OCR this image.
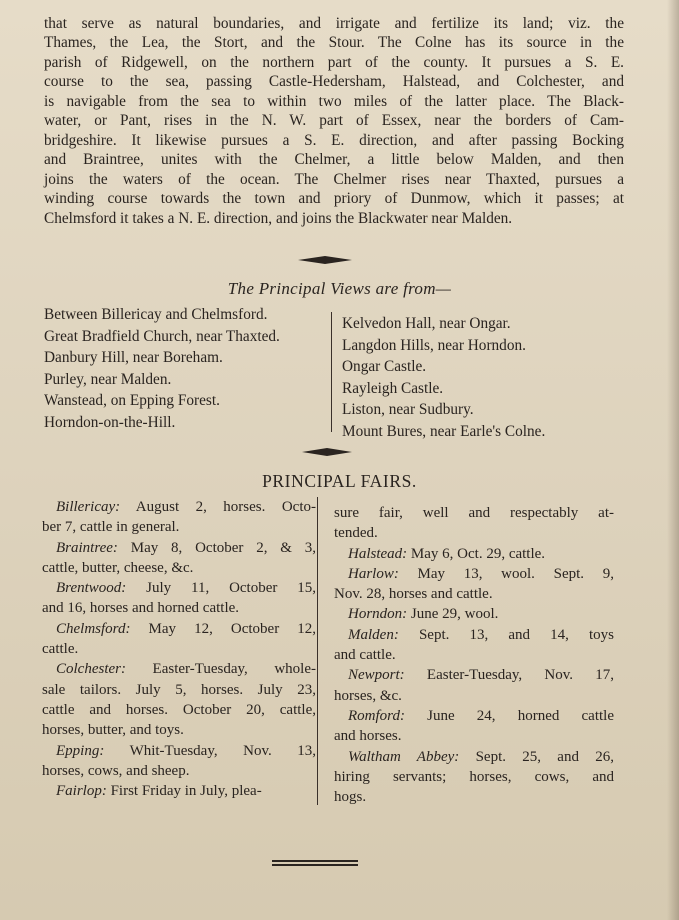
that serve as natural boundaries, and irrigate and fertilize its land; viz. the
Thames, the Lea, the Stort, and the Stour. The Colne has its source in the
parish of Ridgewell, on the northern part of the county. It pursues a S. E.
course to the sea, passing Castle-Hedersham, Halstead, and Colchester, and
is navigable from the sea to within two miles of the latter place. The Black-
water, or Pant, rises in the N. W. part of Essex, near the borders of Cam-
bridgeshire. It likewise pursues a S. E. direction, and after passing Bocking
and Braintree, unites with the Chelmer, a little below Malden, and then
joins the waters of the ocean. The Chelmer rises near Thaxted, pursues a
winding course towards the town and priory of Dunmow, which it passes; at
Chelmsford it takes a N. E. direction, and joins the Blackwater near Malden.
The Principal Views are from—
Between Billericay and Chelmsford.
Great Bradfield Church, near Thaxted.
Danbury Hill, near Boreham.
Purley, near Malden.
Wanstead, on Epping Forest.
Horndon-on-the-Hill.
Kelvedon Hall, near Ongar.
Langdon Hills, near Horndon.
Ongar Castle.
Rayleigh Castle.
Liston, near Sudbury.
Mount Bures, near Earle's Colne.
PRINCIPAL FAIRS.
Billericay: August 2, horses. Octo-
ber 7, cattle in general.
Braintree: May 8, October 2, & 3,
cattle, butter, cheese, &c.
Brentwood: July 11, October 15,
and 16, horses and horned cattle.
Chelmsford: May 12, October 12,
cattle.
Colchester: Easter-Tuesday, whole-
sale tailors. July 5, horses. July 23,
cattle and horses. October 20, cattle,
horses, butter, and toys.
Epping: Whit-Tuesday, Nov. 13,
horses, cows, and sheep.
Fairlop: First Friday in July, plea-
sure fair, well and respectably at-
tended.
Halstead: May 6, Oct. 29, cattle.
Harlow: May 13, wool. Sept. 9,
Nov. 28, horses and cattle.
Horndon: June 29, wool.
Malden: Sept. 13, and 14, toys
and cattle.
Newport: Easter-Tuesday, Nov. 17,
horses, &c.
Romford: June 24, horned cattle
and horses.
Waltham Abbey: Sept. 25, and 26,
hiring servants; horses, cows, and
hogs.
